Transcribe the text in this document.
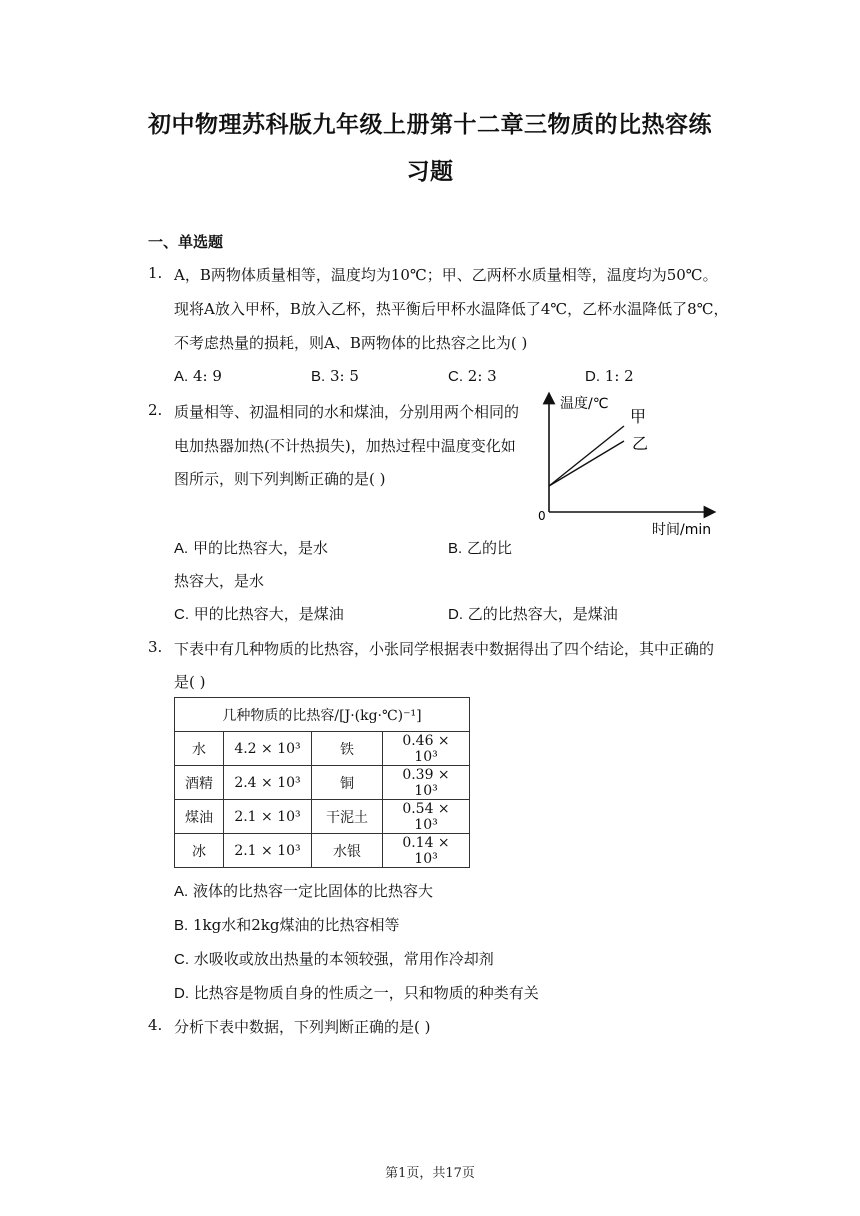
初中物理苏科版九年级上册第十二章三物质的比热容练
习题
一、单选题
1. A，B两物体质量相等，温度均为10℃；甲、乙两杯水质量相等，温度均为50℃。
现将A放入甲杯，B放入乙杯，热平衡后甲杯水温降低了4℃，乙杯水温降低了8℃，
不考虑热量的损耗，则A、B两物体的比热容之比为( )
A. 4: 9	B. 3: 5	C. 2: 3	D. 1: 2
2. 质量相等、初温相同的水和煤油，分别用两个相同的
电加热器加热(不计热损失)，加热过程中温度变化如
图所示，则下列判断正确的是( )
温度/℃
时间/min
0
甲
乙
A. 甲的比热容大，是水	B. 乙的比
热容大，是水
C. 甲的比热容大，是煤油	D. 乙的比热容大，是煤油
3. 下表中有几种物质的比热容，小张同学根据表中数据得出了四个结论，其中正确的
是( )
几种物质的比热容/[J·(kg·℃)⁻¹]			
水	4.2 × 10³	铁	0.46 × 10³
酒精	2.4 × 10³	铜	0.39 × 10³
煤油	2.1 × 10³	干泥土	0.54 × 10³
冰	2.1 × 10³	水银	0.14 × 10³
A. 液体的比热容一定比固体的比热容大
B. 1kg水和2kg煤油的比热容相等
C. 水吸收或放出热量的本领较强，常用作冷却剂
D. 比热容是物质自身的性质之一，只和物质的种类有关
4. 分析下表中数据，下列判断正确的是( )
第1页，共17页
